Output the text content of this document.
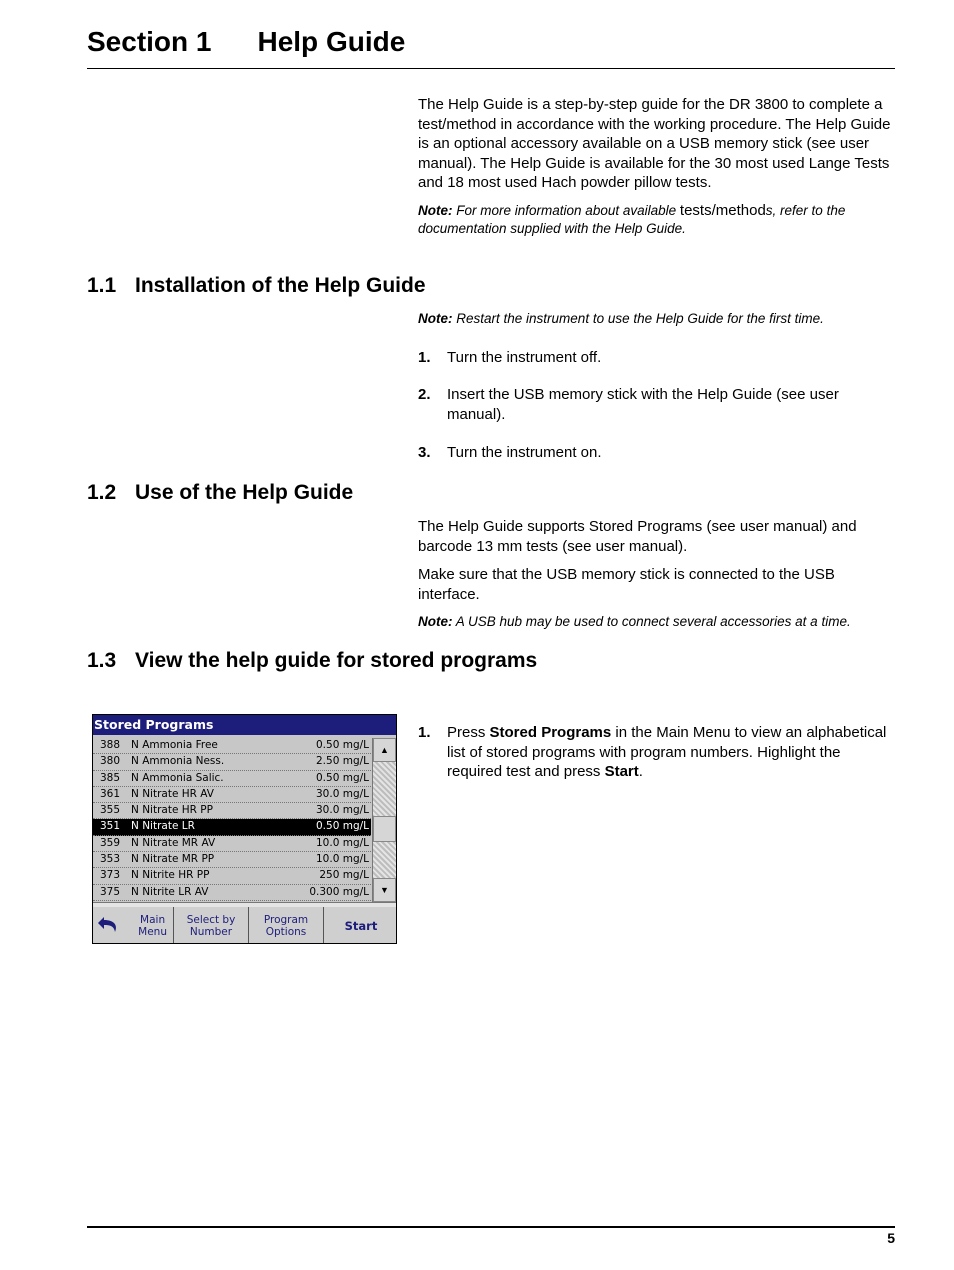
Section 1 Help Guide

The Help Guide is a step-by-step guide for the DR 3800 to complete a test/method in accordance with the working procedure. The Help Guide is an optional accessory available on a USB memory stick (see user manual). The Help Guide is available for the 30 most used Lange Tests and 18 most used Hach powder pillow tests.

Note: For more information about available tests/methods, refer to the documentation supplied with the Help Guide.

1.1 Installation of the Help Guide

Note: Restart the instrument to use the Help Guide for the first time.

1.	Turn the instrument off.
2.	Insert the USB memory stick with the Help Guide (see user manual).
3.	Turn the instrument on.
1.2 Use of the Help Guide

The Help Guide supports Stored Programs (see user manual) and barcode 13 mm tests (see user manual).

Make sure that the USB memory stick is connected to the USB interface.

Note: A USB hub may be used to connect several accessories at a time.

1.3 View the help guide for stored programs
1.	Press Stored Programs in the Main Menu to view an alphabetical list of stored programs with program numbers. Highlight the required test and press Start.
Stored Programs
388 N Ammonia Free	0.50 mg/L
380 N Ammonia Ness.	2.50 mg/L
385 N Ammonia Salic.	0.50 mg/L
361 N Nitrate HR AV	30.0 mg/L
355 N Nitrate HR PP	30.0 mg/L
351 N Nitrate LR	0.50 mg/L
359 N Nitrate MR AV	10.0 mg/L
353 N Nitrate MR PP	10.0 mg/L
373 N Nitrite HR PP	250 mg/L
375 N Nitrite LR AV	0.300 mg/L
▲
▼
Main
Menu
Select by
Number
Program
Options	Start
5
